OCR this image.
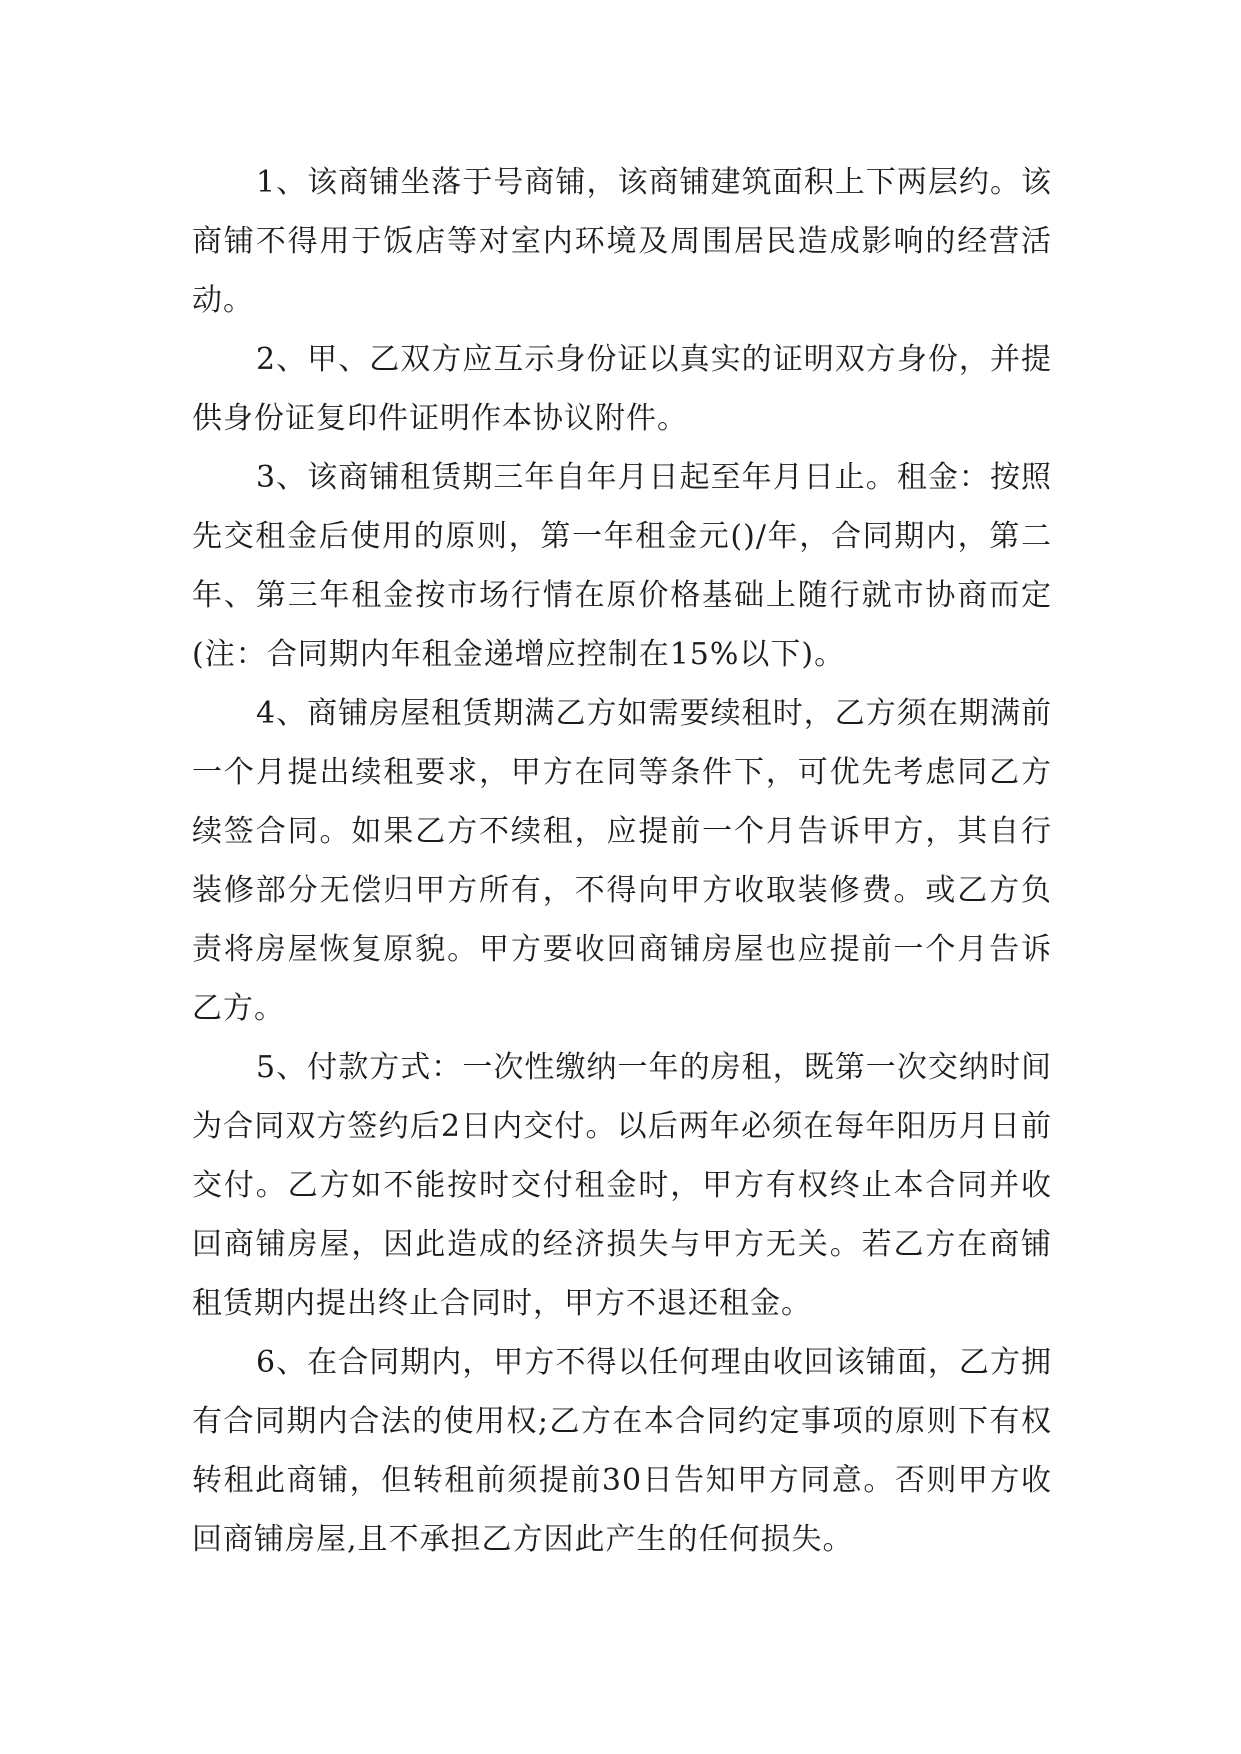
1、该商铺坐落于号商铺，该商铺建筑面积上下两层约。该商铺不得用于饭店等对室内环境及周围居民造成影响的经营活动。

2、甲、乙双方应互示身份证以真实的证明双方身份，并提供身份证复印件证明作本协议附件。

3、该商铺租赁期三年自年月日起至年月日止。租金：按照先交租金后使用的原则，第一年租金元()/年，合同期内，第二年、第三年租金按市场行情在原价格基础上随行就市协商而定(注：合同期内年租金递增应控制在15%以下)。

4、商铺房屋租赁期满乙方如需要续租时，乙方须在期满前一个月提出续租要求，甲方在同等条件下，可优先考虑同乙方续签合同。如果乙方不续租，应提前一个月告诉甲方，其自行装修部分无偿归甲方所有，不得向甲方收取装修费。或乙方负责将房屋恢复原貌。甲方要收回商铺房屋也应提前一个月告诉乙方。

5、付款方式：一次性缴纳一年的房租，既第一次交纳时间为合同双方签约后2日内交付。以后两年必须在每年阳历月日前交付。乙方如不能按时交付租金时，甲方有权终止本合同并收回商铺房屋，因此造成的经济损失与甲方无关。若乙方在商铺租赁期内提出终止合同时，甲方不退还租金。

6、在合同期内，甲方不得以任何理由收回该铺面，乙方拥有合同期内合法的使用权;乙方在本合同约定事项的原则下有权转租此商铺，但转租前须提前30日告知甲方同意。否则甲方收回商铺房屋,且不承担乙方因此产生的任何损失。
